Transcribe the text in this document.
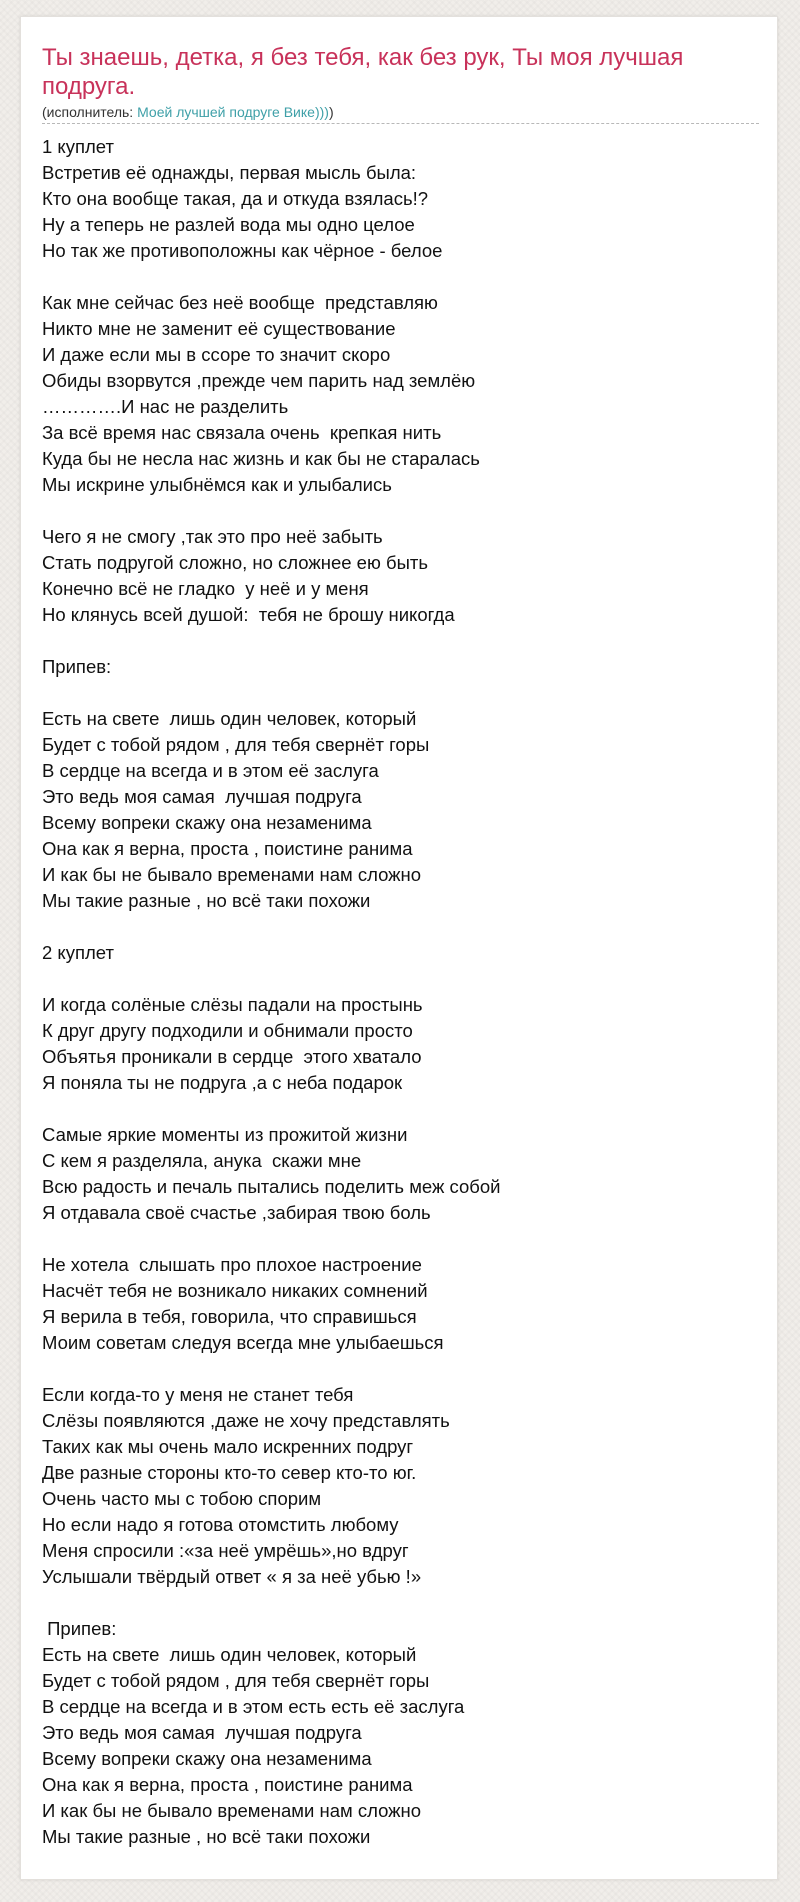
Ты знаешь, детка, я без тебя, как без рук, Ты моя лучшая подруга.
(исполнитель: Моей лучшей подруге Вике))))
1 куплет
Встретив её однажды, первая мысль была:
Кто она вообще такая, да и откуда взялась!?
Ну а теперь не разлей вода мы одно целое
Но так же противоположны как чёрное - белое

Как мне сейчас без неё вообще  представляю
Никто мне не заменит её существование
И даже если мы в ссоре то значит скоро
Обиды взорвутся ,прежде чем парить над землёю
………….И нас не разделить
За всё время нас связала очень  крепкая нить
Куда бы не несла нас жизнь и как бы не старалась
Мы искрине улыбнёмся как и улыбались

Чего я не смогу ,так это про неё забыть
Стать подругой сложно, но сложнее ею быть
Конечно всё не гладко  у неё и у меня
Но клянусь всей душой:  тебя не брошу никогда

Припев:

Есть на свете  лишь один человек, который
Будет с тобой рядом , для тебя свернёт горы
В сердце на всегда и в этом её заслуга
Это ведь моя самая  лучшая подруга
Всему вопреки скажу она незаменима
Она как я верна, проста , поистине ранима
И как бы не бывало временами нам сложно
Мы такие разные , но всё таки похожи

2 куплет

И когда солёные слёзы падали на простынь
К друг другу подходили и обнимали просто
Объятья проникали в сердце  этого хватало
Я поняла ты не подруга ,а с неба подарок

Самые яркие моменты из прожитой жизни
С кем я разделяла, анука  скажи мне
Всю радость и печаль пытались поделить меж собой
Я отдавала своё счастье ,забирая твою боль

Не хотела  слышать про плохое настроение
Насчёт тебя не возникало никаких сомнений
Я верила в тебя, говорила, что справишься
Моим советам следуя всегда мне улыбаешься

Если когда-то у меня не станет тебя
Слёзы появляются ,даже не хочу представлять
Таких как мы очень мало искренних подруг
Две разные стороны кто-то север кто-то юг.
Очень часто мы с тобою спорим
Но если надо я готова отомстить любому
Меня спросили :«за неё умрёшь»,но вдруг
Услышали твёрдый ответ « я за неё убью !»

Припев:
Есть на свете  лишь один человек, который
Будет с тобой рядом , для тебя свернёт горы
В сердце на всегда и в этом есть есть её заслуга
Это ведь моя самая  лучшая подруга
Всему вопреки скажу она незаменима
Она как я верна, проста , поистине ранима
И как бы не бывало временами нам сложно
Мы такие разные , но всё таки похожи
